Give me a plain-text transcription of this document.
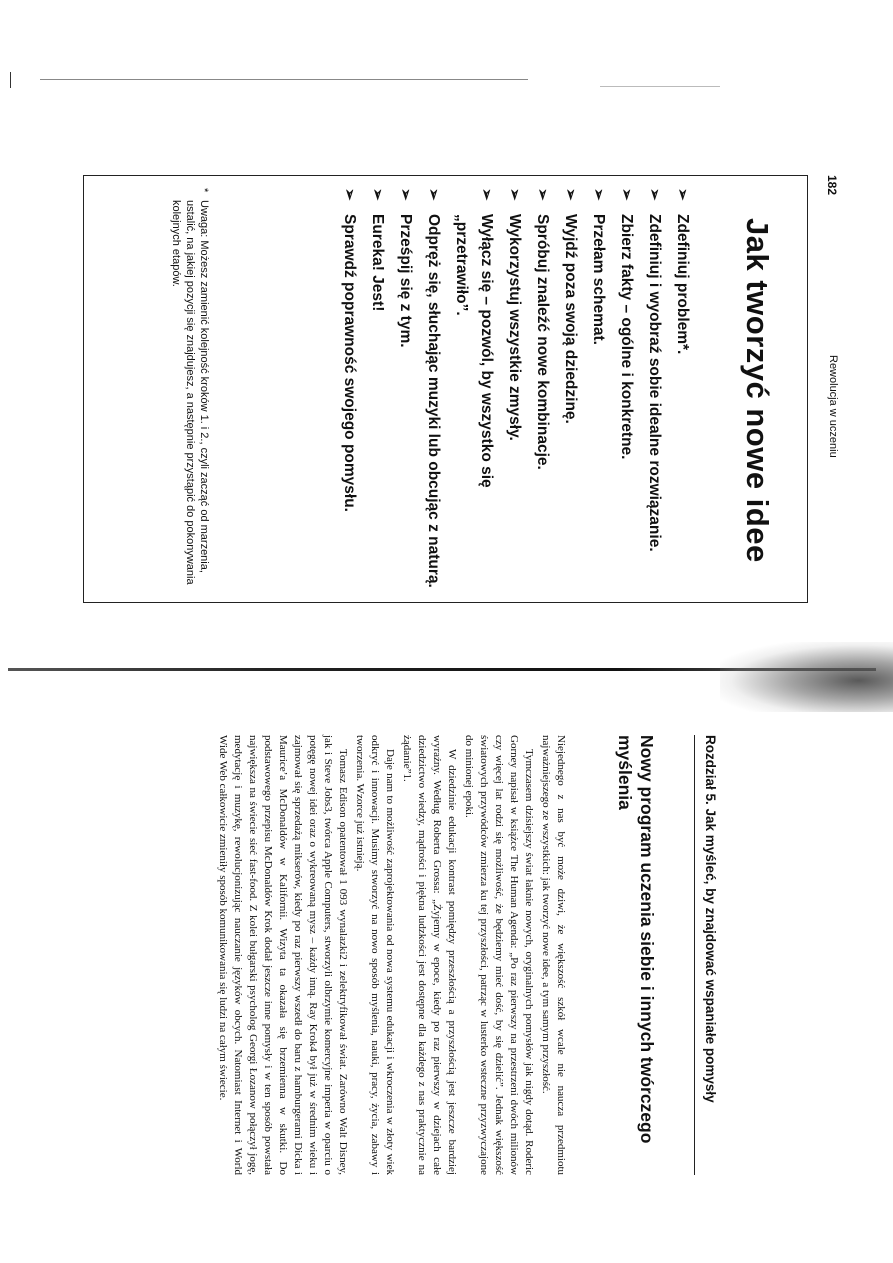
182
Rewolucja w uczeniu
Jak tworzyć nowe idee
➢
Zdefiniuj problem*.
➢
Zdefiniuj i wyobraź sobie idealne rozwiązanie.
➢
Zbierz fakty – ogólne i konkretne.
➢
Przełam schemat.
➢
Wyjdź poza swoją dziedzinę.
➢
Spróbuj znaleźć nowe kombinacje.
➢
Wykorzystuj wszystkie zmysły.
➢
Wyłącz się – pozwól, by wszystko się „przetrawiło”.
➢
Odpręż się, słuchając muzyki lub obcując z naturą.
➢
Prześpij się z tym.
➢
Eureka! Jest!
➢
Sprawdź poprawność swojego pomysłu.
*
Uwaga: Możesz zamienić kolejność kroków 1. i 2., czyli zacząć od marzenia, ustalić, na jakiej pozycji się znajdujesz, a następnie przystąpić do pokonywania kolejnych etapów.
Rozdział 5. Jak myśleć, by znajdować wspaniałe pomysły
Nowy program uczenia siebie i innych twórczego myślenia

Niejednego z nas być może dziwi, że większość szkół wcale nie naucza przedmiotu najważniejszego ze wszystkich: jak tworzyć nowe idee, a tym samym przyszłość.

Tymczasem dzisiejszy świat łaknie nowych, oryginalnych pomysłów jak nigdy dotąd. Roderic Gorney napisał w książce The Human Agenda: „Po raz pierwszy na przestrzeni dwóch milionów czy więcej lat rodzi się możliwość, że będziemy mieć dość, by się dzielić”. Jednak większość światowych przywódców zmierza ku tej przyszłości, patrząc w lusterko wsteczne przyzwyczajone do minionej epoki.

W dziedzinie edukacji kontrast pomiędzy przeszłością a przyszłością jest jeszcze bardziej wyraźny. Według Roberta Grossa: „Żyjemy w epoce, kiedy po raz pierwszy w dziejach całe dziedzictwo wiedzy, mądrości i piękna ludzkości jest dostępne dla każdego z nas praktycznie na żądanie”1.

Daje nam to możliwość zaprojektowania od nowa systemu edukacji i wkroczenia w złoty wiek odkryć i innowacji. Musimy stworzyć na nowo sposób myślenia, nauki, pracy, życia, zabawy i tworzenia. Wzorce już istnieją.

Tomasz Edison opatentował 1 093 wynalazki2 i zelektryfikował świat. Zarówno Walt Disney, jak i Steve Jobs3, twórca Apple Computers, stworzyli olbrzymie komercyjne imperia w oparciu o potęgę nowej idei oraz o wykreowaną mysz – każdy inną. Ray Krok4 był już w średnim wieku i zajmował się sprzedażą mikserów, kiedy po raz pierwszy wszedł do baru z hamburgerami Dicka i Maurice’a McDonaldów w Kalifornii. Wizyta ta okazała się brzemienna w skutki. Do podstawowego przepisu McDonaldów Krok dodał jeszcze inne pomysły i w ten sposób powstała największa na świecie sieć fast-food. Z kolei bułgarski psycholog Georgi Łozanow połączył jogę, medytację i muzykę, rewolucjonizując nauczanie języków obcych. Natomiast Internet i World Wide Web całkowicie zmieniły sposób komunikowania się ludzi na całym świecie.
